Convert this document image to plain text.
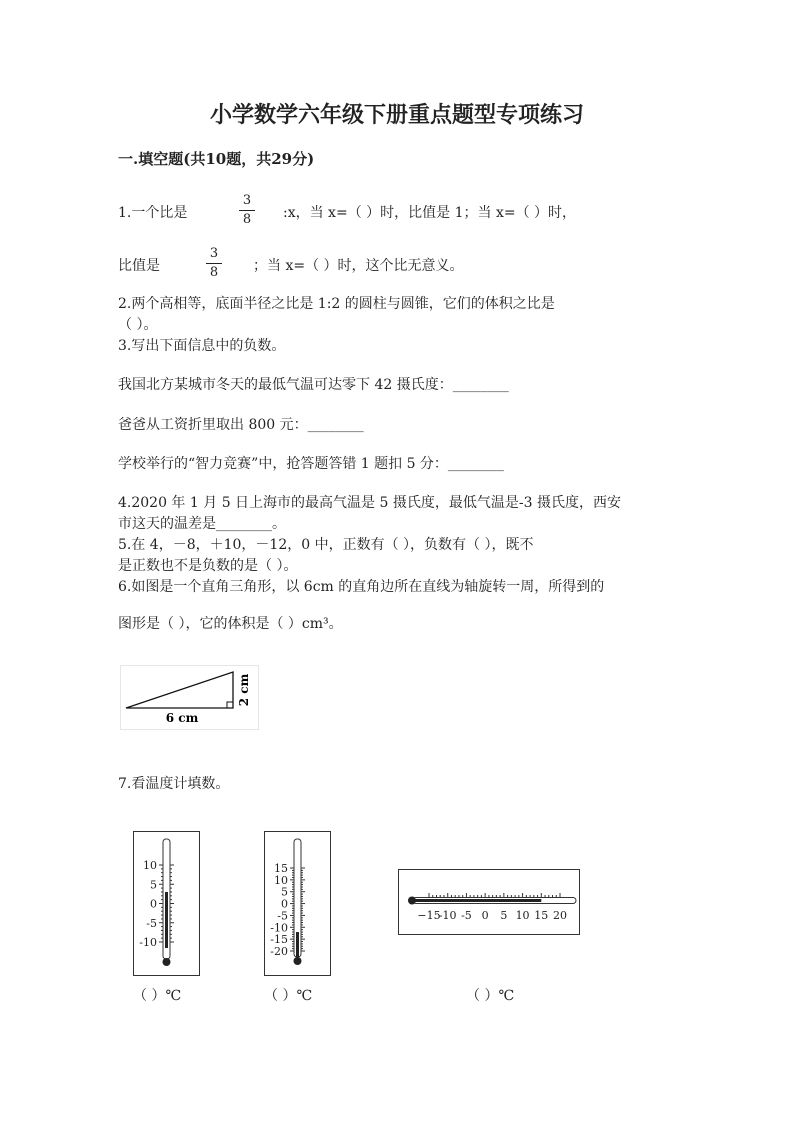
小学数学六年级下册重点题型专项练习
一.填空题(共10题，共29分)
1.一个比是
3
8 :x，当 x=（ ）时，比值是 1；当 x=（ ）时，
比值是
3
8 ；当 x=（ ）时，这个比无意义。
2.两个高相等，底面半径之比是 1:2 的圆柱与圆锥，它们的体积之比是
（ ）。
3.写出下面信息中的负数。
我国北方某城市冬天的最低气温可达零下 42 摄氏度：________
爸爸从工资折里取出 800 元：________
学校举行的“智力竞赛”中，抢答题答错 1 题扣 5 分：________
4.2020 年 1 月 5 日上海市的最高气温是 5 摄氏度，最低气温是-3 摄氏度，西安
市这天的温差是________。
5.在 4，－8，＋10，－12，0 中，正数有（ ），负数有（ ），既不
是正数也不是负数的是（ ）。
6.如图是一个直角三角形，以 6cm 的直角边所在直线为轴旋转一周，所得到的
图形是（ ），它的体积是（ ）cm³。
6 cm
2 cm
7.看温度计填数。
10
5
0
-5
-10
（ ）℃
15
10
5
0
-5
-10
-15
-20
（ ）℃
−15
-10 -5 0 5 10 15 20
（ ）℃
